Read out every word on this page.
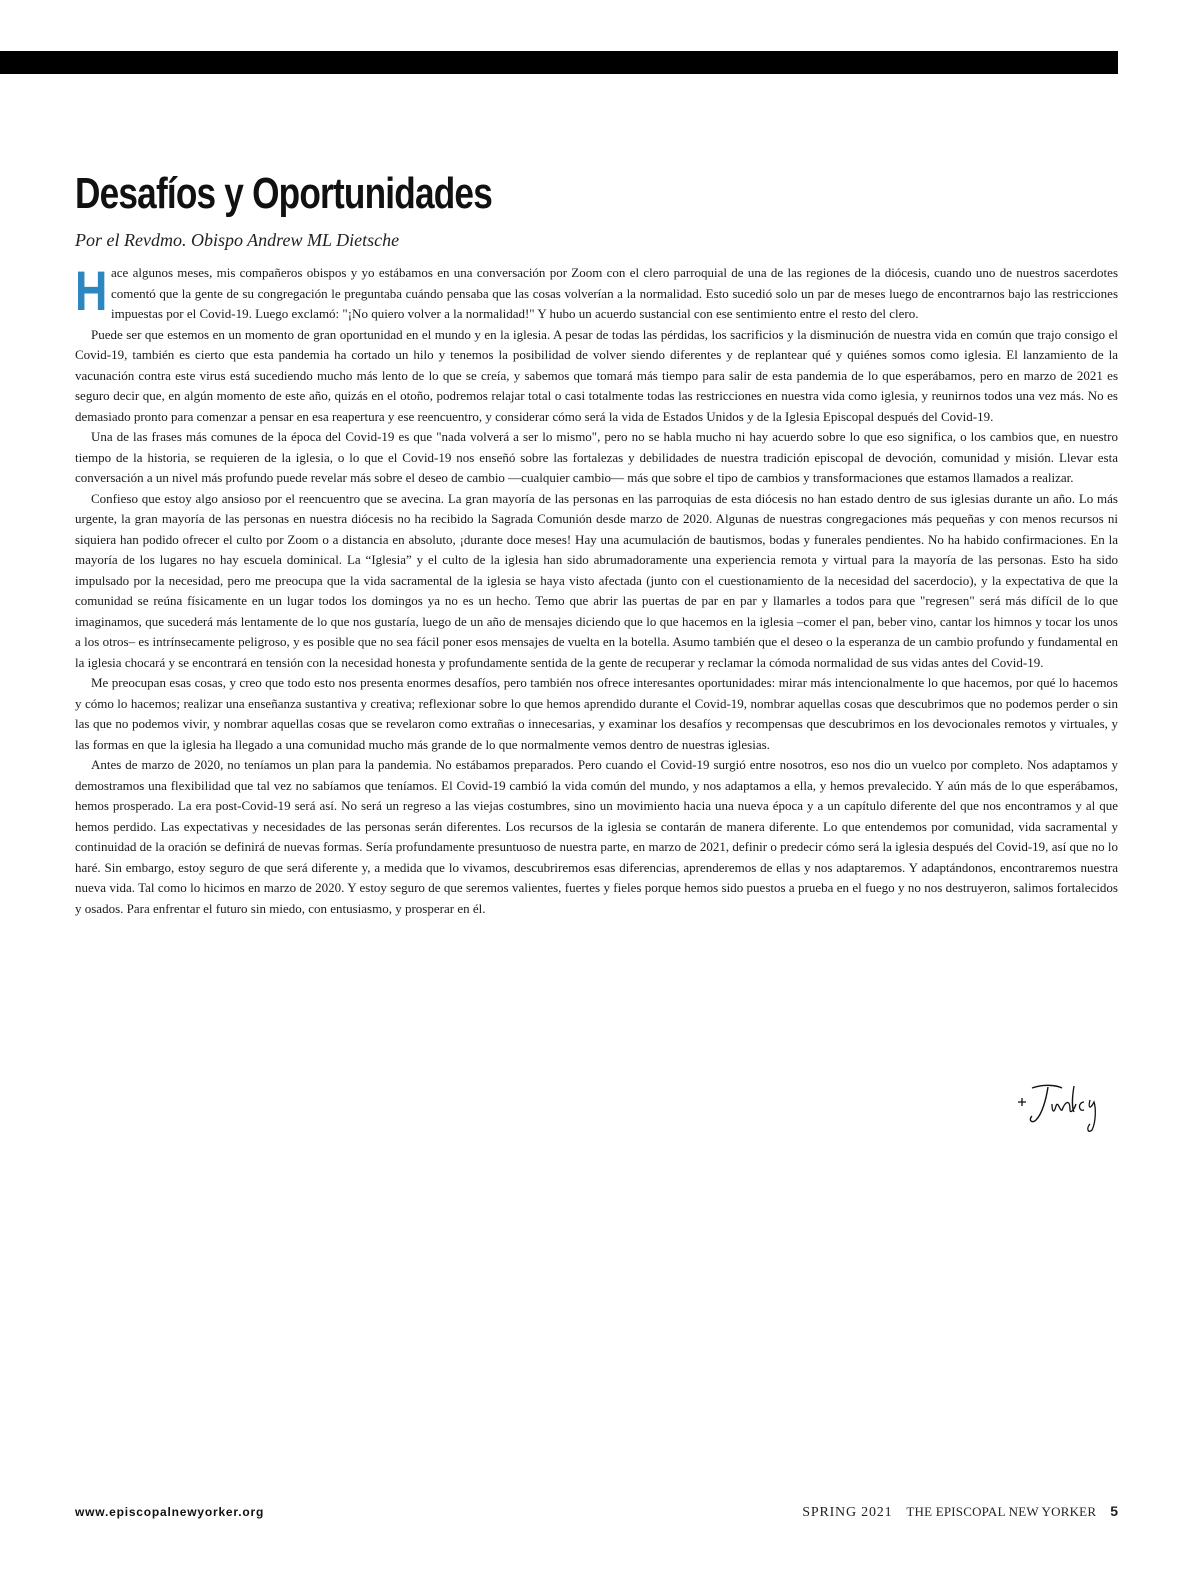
Desafíos y Oportunidades

Por el Revdmo. Obispo Andrew ML Dietsche

Hace algunos meses, mis compañeros obispos y yo estábamos en una conversación por Zoom con el clero parroquial de una de las regiones de la diócesis, cuando uno de nuestros sacerdotes comentó que la gente de su congregación le preguntaba cuándo pensaba que las cosas volverían a la normalidad. Esto sucedió solo un par de meses luego de encontrarnos bajo las restricciones impuestas por el Covid-19. Luego exclamó: "¡No quiero volver a la normalidad!" Y hubo un acuerdo sustancial con ese sentimiento entre el resto del clero.

Puede ser que estemos en un momento de gran oportunidad en el mundo y en la iglesia. A pesar de todas las pérdidas, los sacrificios y la disminución de nuestra vida en común que trajo consigo el Covid-19, también es cierto que esta pandemia ha cortado un hilo y tenemos la posibilidad de volver siendo diferentes y de replantear qué y quiénes somos como iglesia. El lanzamiento de la vacunación contra este virus está sucediendo mucho más lento de lo que se creía, y sabemos que tomará más tiempo para salir de esta pandemia de lo que esperábamos, pero en marzo de 2021 es seguro decir que, en algún momento de este año, quizás en el otoño, podremos relajar total o casi totalmente todas las restricciones en nuestra vida como iglesia, y reunirnos todos una vez más. No es demasiado pronto para comenzar a pensar en esa reapertura y ese reencuentro, y considerar cómo será la vida de Estados Unidos y de la Iglesia Episcopal después del Covid-19.

Una de las frases más comunes de la época del Covid-19 es que "nada volverá a ser lo mismo", pero no se habla mucho ni hay acuerdo sobre lo que eso significa, o los cambios que, en nuestro tiempo de la historia, se requieren de la iglesia, o lo que el Covid-19 nos enseñó sobre las fortalezas y debilidades de nuestra tradición episcopal de devoción, comunidad y misión. Llevar esta conversación a un nivel más profundo puede revelar más sobre el deseo de cambio —cualquier cambio— más que sobre el tipo de cambios y transformaciones que estamos llamados a realizar.

Confieso que estoy algo ansioso por el reencuentro que se avecina. La gran mayoría de las personas en las parroquias de esta diócesis no han estado dentro de sus iglesias durante un año. Lo más urgente, la gran mayoría de las personas en nuestra diócesis no ha recibido la Sagrada Comunión desde marzo de 2020. Algunas de nuestras congregaciones más pequeñas y con menos recursos ni siquiera han podido ofrecer el culto por Zoom o a distancia en absoluto, ¡durante doce meses! Hay una acumulación de bautismos, bodas y funerales pendientes. No ha habido confirmaciones. En la mayoría de los lugares no hay escuela dominical. La “Iglesia” y el culto de la iglesia han sido abrumadoramente una experiencia remota y virtual para la mayoría de las personas. Esto ha sido impulsado por la necesidad, pero me preocupa que la vida sacramental de la iglesia se haya visto afectada (junto con el cuestionamiento de la necesidad del sacerdocio), y la expectativa de que la comunidad se reúna físicamente en un lugar todos los domingos ya no es un hecho. Temo que abrir las puertas de par en par y llamarles a todos para que "regresen" será más difícil de lo que imaginamos, que sucederá más lentamente de lo que nos gustaría, luego de un año de mensajes diciendo que lo que hacemos en la iglesia –comer el pan, beber vino, cantar los himnos y tocar los unos a los otros– es intrínsecamente peligroso, y es posible que no sea fácil poner esos mensajes de vuelta en la botella. Asumo también que el deseo o la esperanza de un cambio profundo y fundamental en la iglesia chocará y se encontrará en tensión con la necesidad honesta y profundamente sentida de la gente de recuperar y reclamar la cómoda normalidad de sus vidas antes del Covid-19.

Me preocupan esas cosas, y creo que todo esto nos presenta enormes desafíos, pero también nos ofrece interesantes oportunidades: mirar más intencionalmente lo que hacemos, por qué lo hacemos y cómo lo hacemos; realizar una enseñanza sustantiva y creativa; reflexionar sobre lo que hemos aprendido durante el Covid-19, nombrar aquellas cosas que descubrimos que no podemos perder o sin las que no podemos vivir, y nombrar aquellas cosas que se revelaron como extrañas o innecesarias, y examinar los desafíos y recompensas que descubrimos en los devocionales remotos y virtuales, y las formas en que la iglesia ha llegado a una comunidad mucho más grande de lo que normalmente vemos dentro de nuestras iglesias.

Antes de marzo de 2020, no teníamos un plan para la pandemia. No estábamos preparados. Pero cuando el Covid-19 surgió entre nosotros, eso nos dio un vuelco por completo. Nos adaptamos y demostramos una flexibilidad que tal vez no sabíamos que teníamos. El Covid-19 cambió la vida común del mundo, y nos adaptamos a ella, y hemos prevalecido. Y aún más de lo que esperábamos, hemos prosperado. La era post-Covid-19 será así. No será un regreso a las viejas costumbres, sino un movimiento hacia una nueva época y a un capítulo diferente del que nos encontramos y al que hemos perdido. Las expectativas y necesidades de las personas serán diferentes. Los recursos de la iglesia se contarán de manera diferente. Lo que entendemos por comunidad, vida sacramental y continuidad de la oración se definirá de nuevas formas. Sería profundamente presuntuoso de nuestra parte, en marzo de 2021, definir o predecir cómo será la iglesia después del Covid-19, así que no lo haré. Sin embargo, estoy seguro de que será diferente y, a medida que lo vivamos, descubriremos esas diferencias, aprenderemos de ellas y nos adaptaremos. Y adaptándonos, encontraremos nuestra nueva vida. Tal como lo hicimos en marzo de 2020. Y estoy seguro de que seremos valientes, fuertes y fieles porque hemos sido puestos a prueba en el fuego y no nos destruyeron, salimos fortalecidos y osados. Para enfrentar el futuro sin miedo, con entusiasmo, y prosperar en él.

www.episcopalnewyorker.org	SPRING 2021 THE EPISCOPAL NEW YORKER 5
